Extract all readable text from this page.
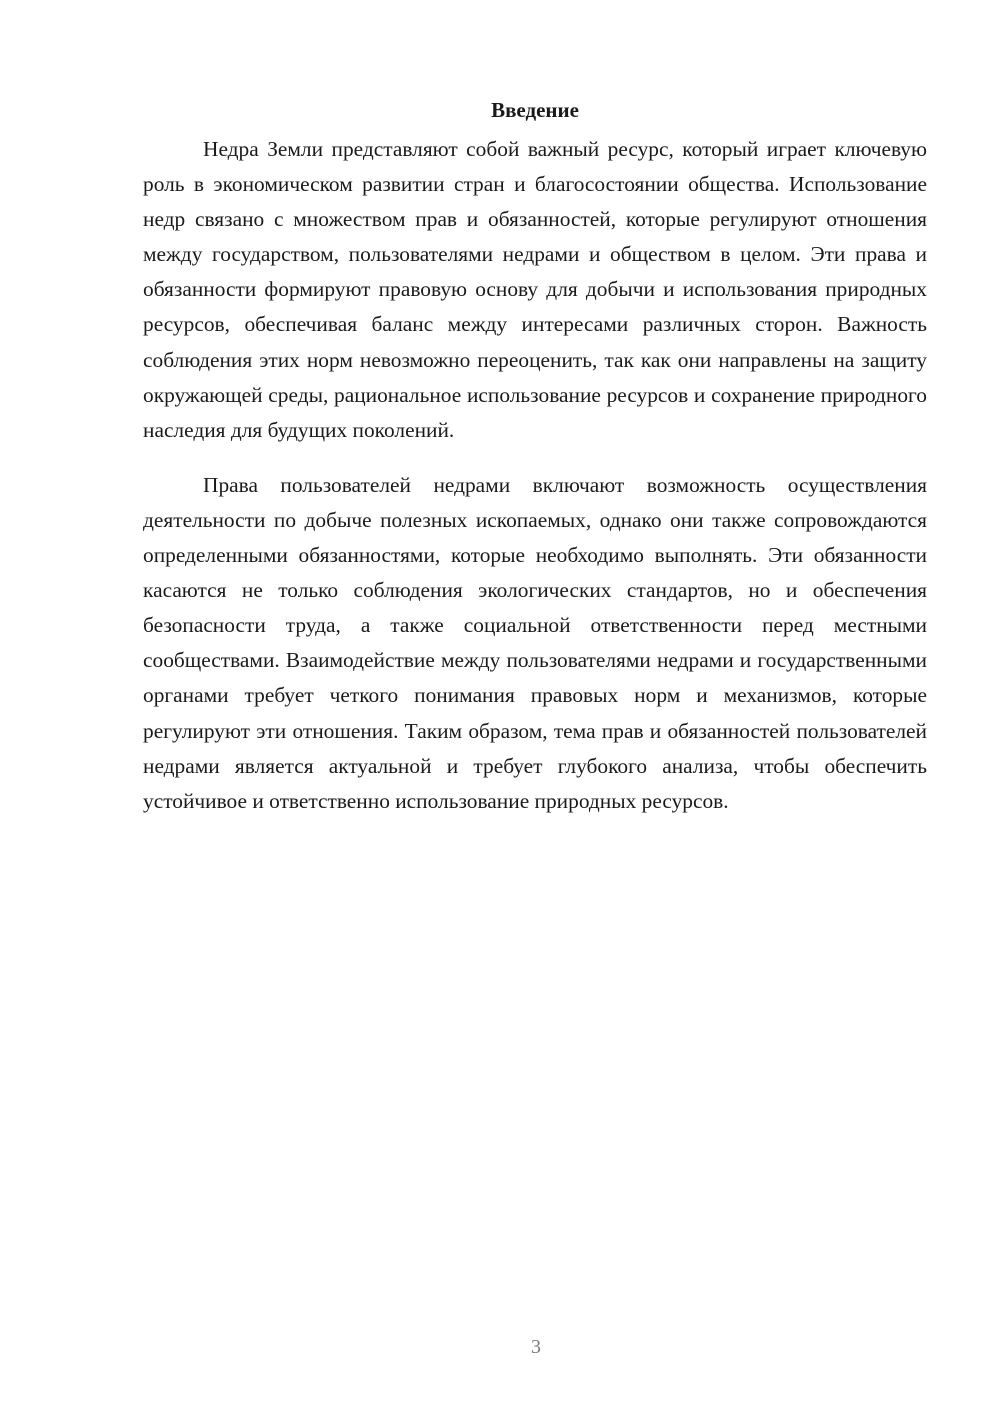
Введение

Недра Земли представляют собой важный ресурс, который играет ключевую роль в экономическом развитии стран и благосостоянии общества. Использование недр связано с множеством прав и обязанностей, которые регулируют отношения между государством, пользователями недрами и обществом в целом. Эти права и обязанности формируют правовую основу для добычи и использования природных ресурсов, обеспечивая баланс между интересами различных сторон. Важность соблюдения этих норм невозможно переоценить, так как они направлены на защиту окружающей среды, рациональное использование ресурсов и сохранение природного наследия для будущих поколений.

Права пользователей недрами включают возможность осуществления деятельности по добыче полезных ископаемых, однако они также сопровождаются определенными обязанностями, которые необходимо выполнять. Эти обязанности касаются не только соблюдения экологических стандартов, но и обеспечения безопасности труда, а также социальной ответственности перед местными сообществами. Взаимодействие между пользователями недрами и государственными органами требует четкого понимания правовых норм и механизмов, которые регулируют эти отношения. Таким образом, тема прав и обязанностей пользователей недрами является актуальной и требует глубокого анализа, чтобы обеспечить устойчивое и ответственно использование природных ресурсов.

3
